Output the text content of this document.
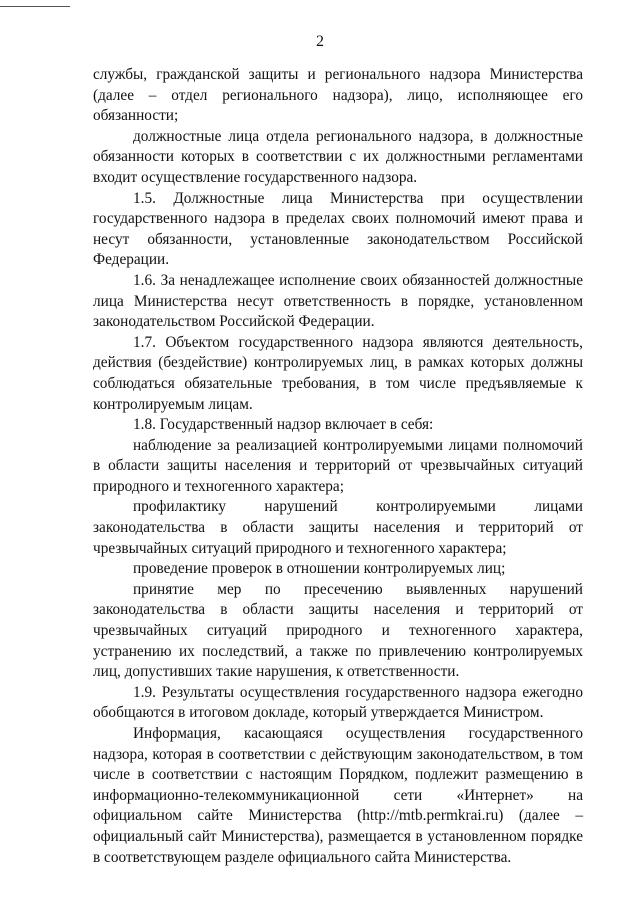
2

службы, гражданской защиты и регионального надзора Министерства (далее – отдел регионального надзора), лицо, исполняющее его обязанности;

должностные лица отдела регионального надзора, в должностные обязанности которых в соответствии с их должностными регламентами входит осуществление государственного надзора.

1.5. Должностные лица Министерства при осуществлении государственного надзора в пределах своих полномочий имеют права и несут обязанности, установленные законодательством Российской Федерации.

1.6. За ненадлежащее исполнение своих обязанностей должностные лица Министерства несут ответственность в порядке, установленном законодательством Российской Федерации.

1.7. Объектом государственного надзора являются деятельность, действия (бездействие) контролируемых лиц, в рамках которых должны соблюдаться обязательные требования, в том числе предъявляемые к контролируемым лицам.

1.8. Государственный надзор включает в себя:

наблюдение за реализацией контролируемыми лицами полномочий в области защиты населения и территорий от чрезвычайных ситуаций природного и техногенного характера;

профилактику нарушений контролируемыми лицами законодательства в области защиты населения и территорий от чрезвычайных ситуаций природного и техногенного характера;

проведение проверок в отношении контролируемых лиц;

принятие мер по пресечению выявленных нарушений законодательства в области защиты населения и территорий от чрезвычайных ситуаций природного и техногенного характера, устранению их последствий, а также по привлечению контролируемых лиц, допустивших такие нарушения, к ответственности.

1.9. Результаты осуществления государственного надзора ежегодно обобщаются в итоговом докладе, который утверждается Министром.

Информация, касающаяся осуществления государственного надзора, которая в соответствии с действующим законодательством, в том числе в соответствии с настоящим Порядком, подлежит размещению в информационно-телекоммуникационной сети «Интернет» на официальном сайте Министерства (http://mtb.permkrai.ru) (далее – официальный сайт Министерства), размещается в установленном порядке в соответствующем разделе официального сайта Министерства.
